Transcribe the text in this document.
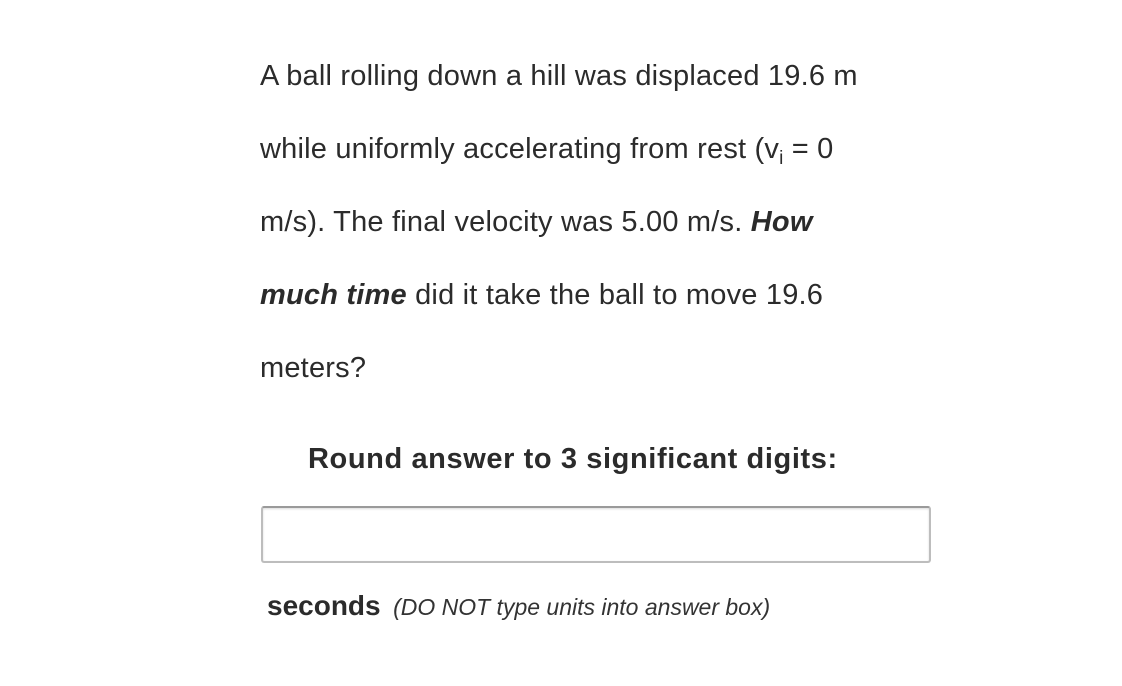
A ball rolling down a hill was displaced 19.6 m
while uniformly accelerating from rest ($v_i = 0$
m/s). The final velocity was 5.00 m/s. How
much time did it take the ball to move 19.6
meters?
Round answer to 3 significant digits:
seconds (DO NOT type units into answer box)
